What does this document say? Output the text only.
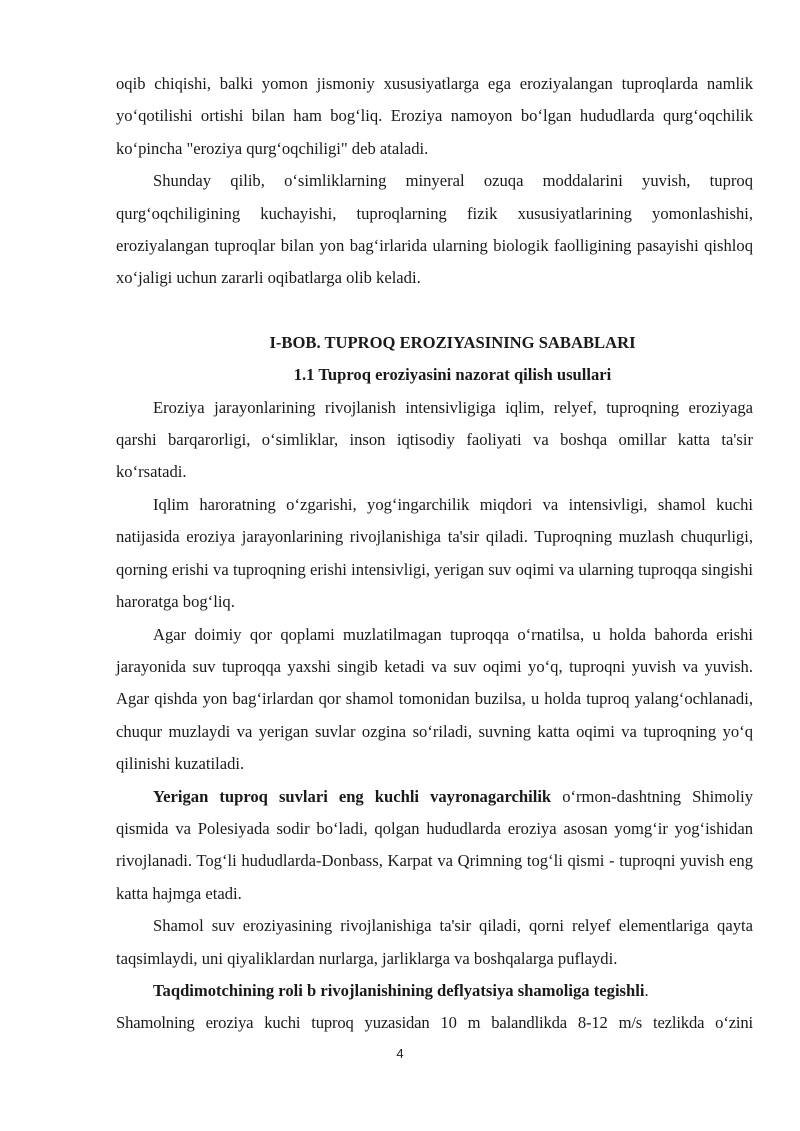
oqib chiqishi, balki yomon jismoniy xususiyatlarga ega eroziyalangan tuproqlarda namlik yo‘qotilishi ortishi bilan ham bog‘liq. Eroziya namoyon bo‘lgan hududlarda qurg‘oqchilik ko‘pincha "eroziya qurg‘oqchiligi" deb ataladi.

Shunday qilib, o‘simliklarning minyeral ozuqa moddalarini yuvish, tuproq qurg‘oqchiligining kuchayishi, tuproqlarning fizik xususiyatlarining yomonlashishi, eroziyalangan tuproqlar bilan yon bag‘irlarida ularning biologik faolligining pasayishi qishloq xo‘jaligi uchun zararli oqibatlarga olib keladi.

I-BOB. TUPROQ EROZIYASINING SABABLARI

1.1 Tuproq eroziyasini nazorat qilish usullari

Eroziya jarayonlarining rivojlanish intensivligiga iqlim, relyef, tuproqning eroziyaga qarshi barqarorligi, o‘simliklar, inson iqtisodiy faoliyati va boshqa omillar katta ta'sir ko‘rsatadi.

Iqlim haroratning o‘zgarishi, yog‘ingarchilik miqdori va intensivligi, shamol kuchi natijasida eroziya jarayonlarining rivojlanishiga ta'sir qiladi. Tuproqning muzlash chuqurligi, qorning erishi va tuproqning erishi intensivligi, yerigan suv oqimi va ularning tuproqqa singishi haroratga bog‘liq.

Agar doimiy qor qoplami muzlatilmagan tuproqqa o‘rnatilsa, u holda bahorda erishi jarayonida suv tuproqqa yaxshi singib ketadi va suv oqimi yo‘q, tuproqni yuvish va yuvish. Agar qishda yon bag‘irlardan qor shamol tomonidan buzilsa, u holda tuproq yalang‘ochlanadi, chuqur muzlaydi va yerigan suvlar ozgina so‘riladi, suvning katta oqimi va tuproqning yo‘q qilinishi kuzatiladi.

Yerigan tuproq suvlari eng kuchli vayronagarchilik o‘rmon-dashtning Shimoliy qismida va Polesiyada sodir bo‘ladi, qolgan hududlarda eroziya asosan yomg‘ir yog‘ishidan rivojlanadi. Tog‘li hududlarda-Donbass, Karpat va Qrimning tog‘li qismi - tuproqni yuvish eng katta hajmga etadi.

Shamol suv eroziyasining rivojlanishiga ta'sir qiladi, qorni relyef elementlariga qayta taqsimlaydi, uni qiyaliklardan nurlarga, jarliklarga va boshqalarga puflaydi.

Taqdimotchining roli b rivojlanishining deflyatsiya shamoliga tegishli.

Shamolning eroziya kuchi tuproq yuzasidan 10 m balandlikda 8-12 m/s tezlikda o‘zini

4
